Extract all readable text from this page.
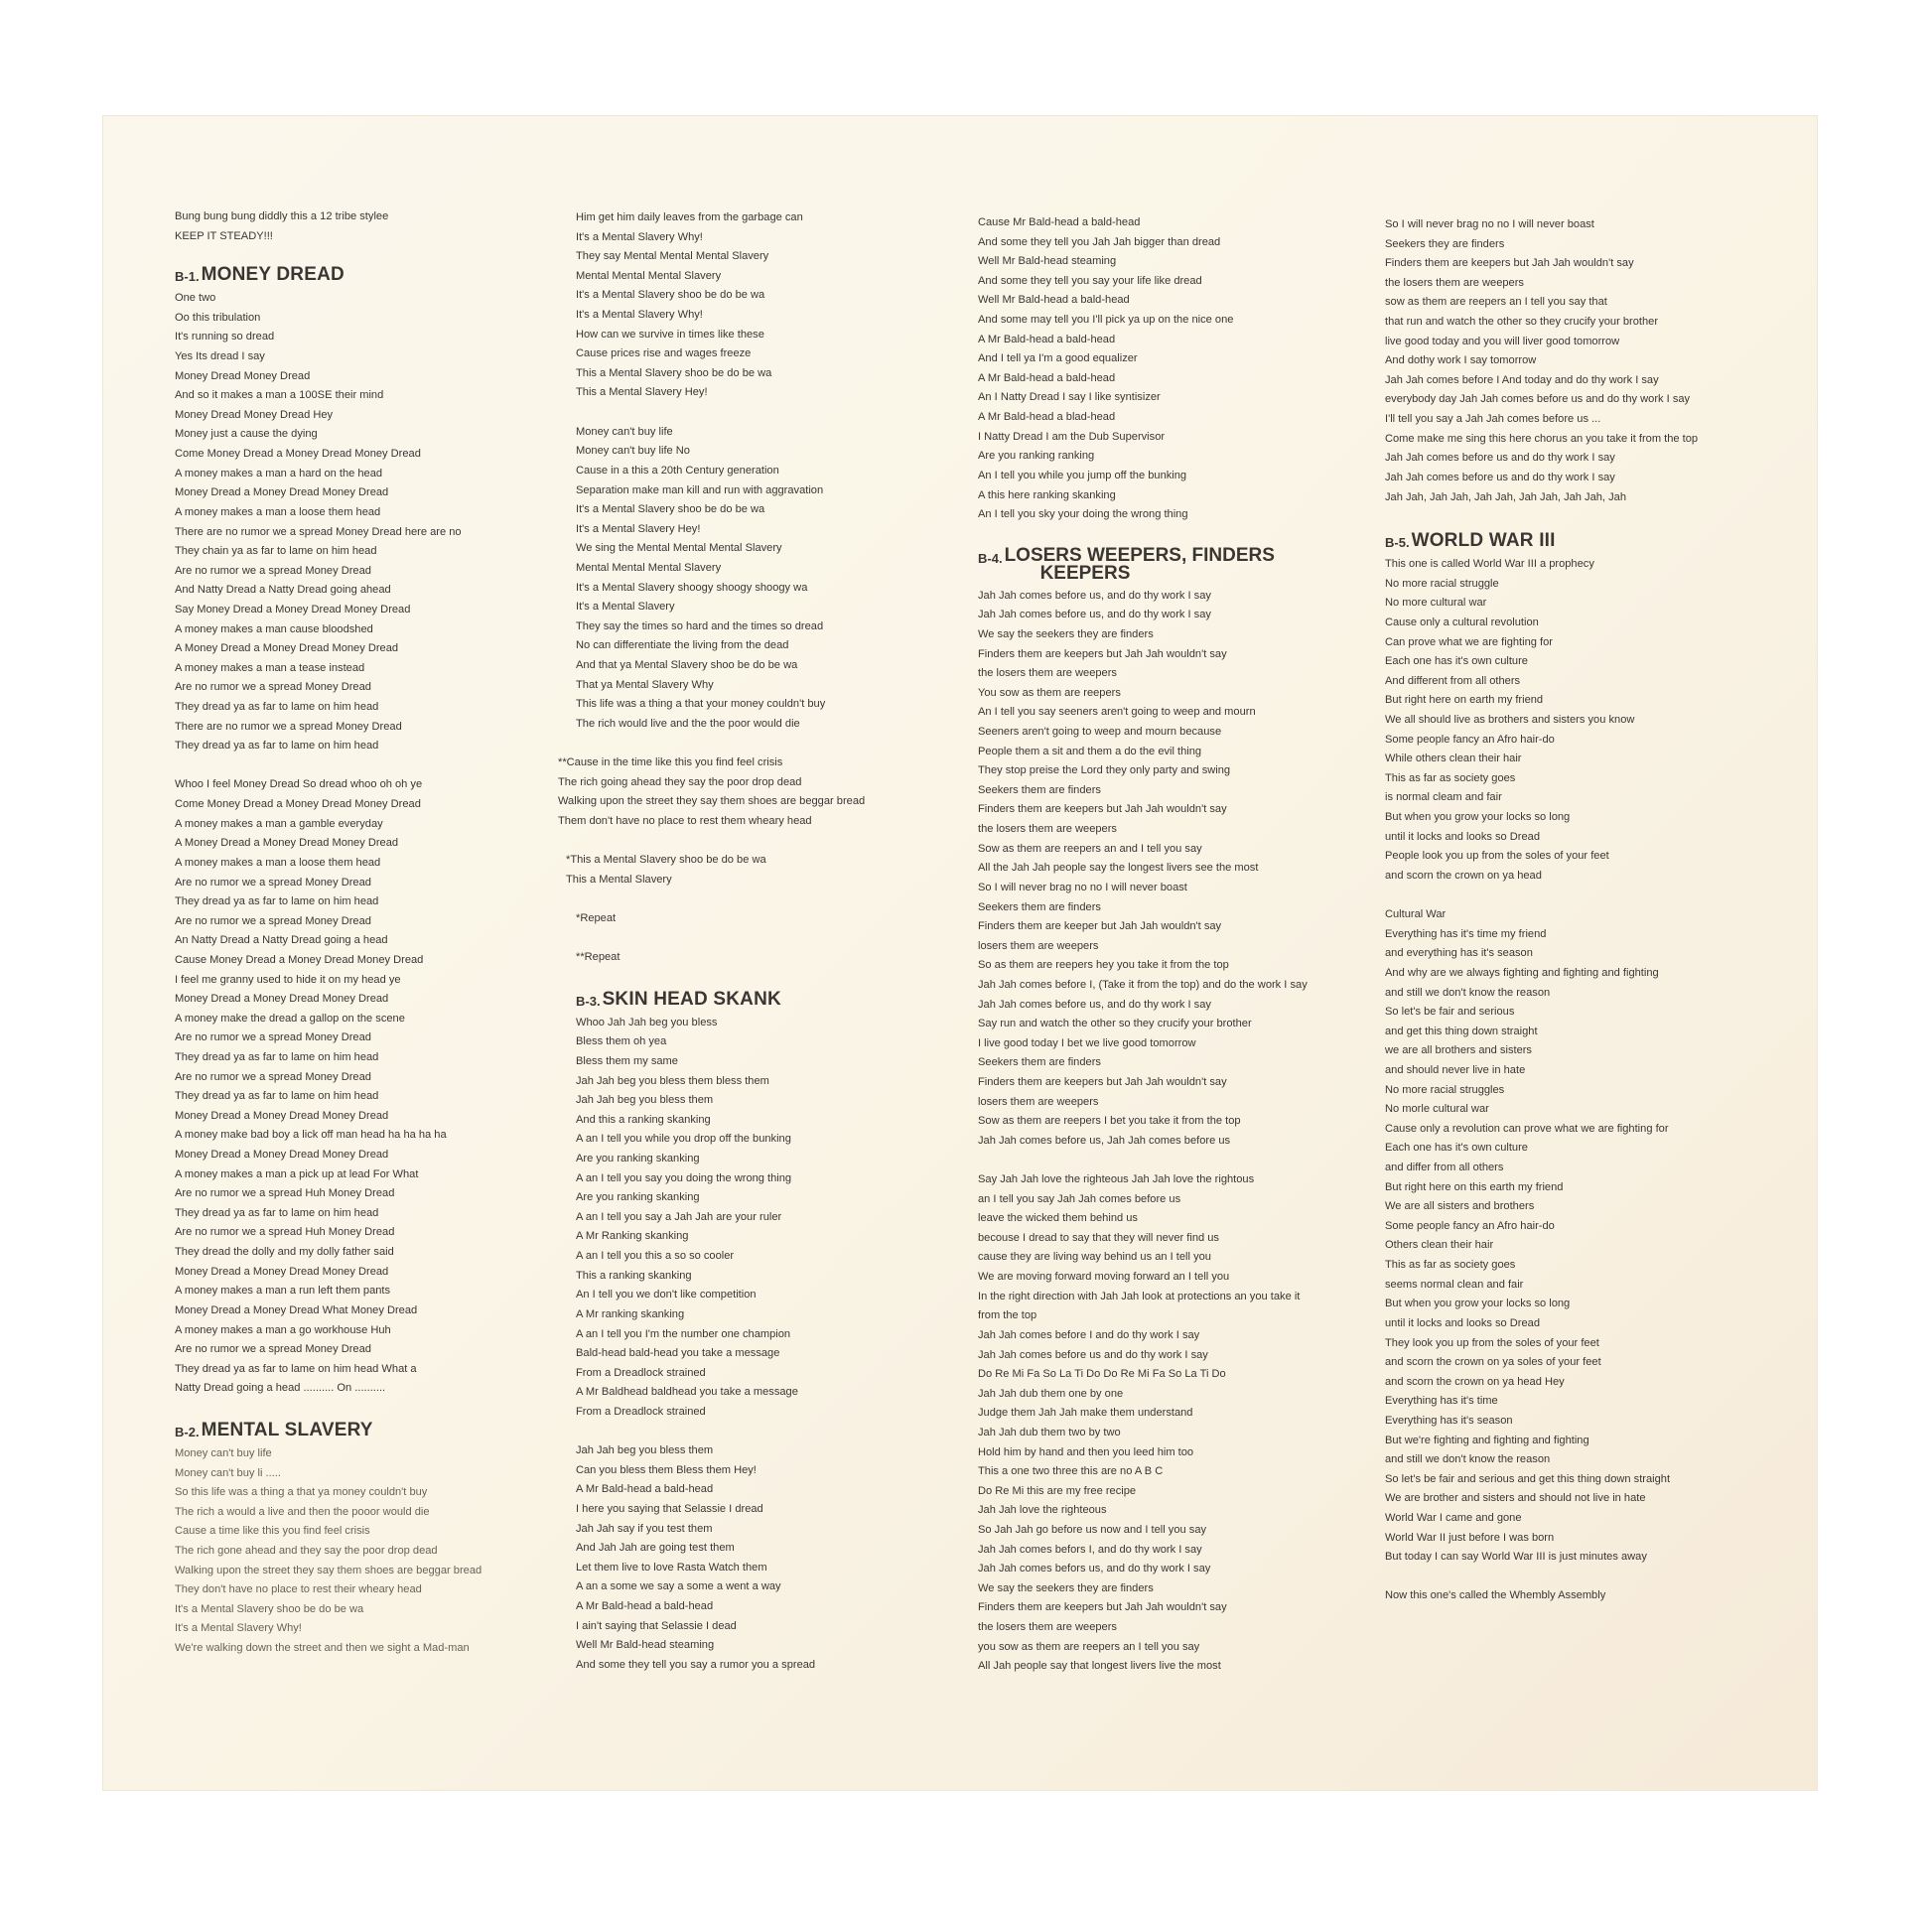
Bung bung bung diddly this a 12 tribe stylee
KEEP IT STEADY!!!
B-1. MONEY DREAD
One two
Oo this tribulation
It's running so dread
Yes Its dread I say
Money Dread Money Dread
And so it makes a man a 100SE their mind
Money Dread Money Dread Hey
Money just a cause the dying
Come Money Dread a Money Dread Money Dread
A money makes a man a hard on the head
Money Dread a Money Dread Money Dread
A money makes a man a loose them head
There are no rumor we a spread Money Dread here are no
They chain ya as far to lame on him head
Are no rumor we a spread Money Dread
And Natty Dread a Natty Dread going ahead
Say Money Dread a Money Dread Money Dread
A money makes a man cause bloodshed
A Money Dread a Money Dread Money Dread
A money makes a man a tease instead
Are no rumor we a spread Money Dread
They dread ya as far to lame on him head
There are no rumor we a spread Money Dread
They dread ya as far to lame on him head
Whoo I feel Money Dread So dread whoo oh oh ye
Come Money Dread a Money Dread Money Dread
A money makes a man a gamble everyday
A Money Dread a Money Dread Money Dread
A money makes a man a loose them head
Are no rumor we a spread Money Dread
They dread ya as far to lame on him head
Are no rumor we a spread Money Dread
An Natty Dread a Natty Dread going a head
Cause Money Dread a Money Dread Money Dread
I feel me granny used to hide it on my head ye
Money Dread a Money Dread Money Dread
A money make the dread a gallop on the scene
Are no rumor we a spread Money Dread
They dread ya as far to lame on him head
Are no rumor we a spread Money Dread
They dread ya as far to lame on him head
Money Dread a Money Dread Money Dread
A money make bad boy a lick off man head ha ha ha ha
Money Dread a Money Dread Money Dread
A money makes a man a pick up at lead For What
Are no rumor we a spread Huh Money Dread
They dread ya as far to lame on him head
Are no rumor we a spread Huh Money Dread
They dread the dolly and my dolly father said
Money Dread a Money Dread Money Dread
A money makes a man a run left them pants
Money Dread a Money Dread What Money Dread
A money makes a man a go workhouse Huh
Are no rumor we a spread Money Dread
They dread ya as far to lame on him head What a
Natty Dread going a head .......... On ..........
B-2. MENTAL SLAVERY
Money can't buy life
Money can't buy li .....
So this life was a thing a that ya money couldn't buy
The rich a would a live and then the pooor would die
Cause a time like this you find feel crisis
The rich gone ahead and they say the poor drop dead
Walking upon the street they say them shoes are beggar bread
They don't have no place to rest their wheary head
It's a Mental Slavery shoo be do be wa
It's a Mental Slavery Why!
We're walking down the street and then we sight a Mad-man
Him get him daily leaves from the garbage can
It's a Mental Slavery Why!
They say Mental Mental Mental Slavery
Mental Mental Mental Slavery
It's a Mental Slavery shoo be do be wa
It's a Mental Slavery Why!
How can we survive in times like these
Cause prices rise and wages freeze
This a Mental Slavery shoo be do be wa
This a Mental Slavery Hey!
Money can't buy life
Money can't buy life No
Cause in a this a 20th Century generation
Separation make man kill and run with aggravation
It's a Mental Slavery shoo be do be wa
It's a Mental Slavery Hey!
We sing the Mental Mental Mental Slavery
Mental Mental Mental Slavery
It's a Mental Slavery shoogy shoogy shoogy wa
It's a Mental Slavery
They say the times so hard and the times so dread
No can differentiate the living from the dead
And that ya Mental Slavery shoo be do be wa
That ya Mental Slavery Why
This life was a thing a that your money couldn't buy
The rich would live and the the poor would die
**Cause in the time like this you find feel crisis
The rich going ahead they say the poor drop dead
Walking upon the street they say them shoes are beggar bread
Them don't have no place to rest them wheary head
*This a Mental Slavery shoo be do be wa
This a Mental Slavery
*Repeat
**Repeat
B-3. SKIN HEAD SKANK
Whoo Jah Jah beg you bless
Bless them oh yea
Bless them my same
Jah Jah beg you bless them bless them
Jah Jah beg you bless them
And this a ranking skanking
A an I tell you while you drop off the bunking
Are you ranking skanking
A an I tell you say you doing the wrong thing
Are you ranking skanking
A an I tell you say a Jah Jah are your ruler
A Mr Ranking skanking
A an I tell you this a so so cooler
This a ranking skanking
An I tell you we don't like competition
A Mr ranking skanking
A an I tell you I'm the number one champion
Bald-head bald-head you take a message
From a Dreadlock strained
A Mr Baldhead baldhead you take a message
From a Dreadlock strained
Jah Jah beg you bless them
Can you bless them Bless them Hey!
A Mr Bald-head a bald-head
I here you saying that Selassie I dread
Jah Jah say if you test them
And Jah Jah are going test them
Let them live to love Rasta Watch them
A an a some we say a some a went a way
A Mr Bald-head a bald-head
I ain't saying that Selassie I dead
Well Mr Bald-head steaming
And some they tell you say a rumor you a spread
Cause Mr Bald-head a bald-head
And some they tell you Jah Jah bigger than dread
Well Mr Bald-head steaming
And some they tell you say your life like dread
Well Mr Bald-head a bald-head
And some may tell you I'll pick ya up on the nice one
A Mr Bald-head a bald-head
And I tell ya I'm a good equalizer
A Mr Bald-head a bald-head
An I Natty Dread I say I like syntisizer
A Mr Bald-head a blad-head
I Natty Dread I am the Dub Supervisor
Are you ranking ranking
An I tell you while you jump off the bunking
A this here ranking skanking
An I tell you sky your doing the wrong thing
B-4. LOSERS WEEPERS, FINDERS
KEEPERS
Jah Jah comes before us, and do thy work I say
Jah Jah comes before us, and do thy work I say
We say the seekers they are finders
Finders them are keepers but Jah Jah wouldn't say
the losers them are weepers
You sow as them are reepers
An I tell you say seeners aren't going to weep and mourn
Seeners aren't going to weep and mourn because
People them a sit and them a do the evil thing
They stop preise the Lord they only party and swing
Seekers them are finders
Finders them are keepers but Jah Jah wouldn't say
the losers them are weepers
Sow as them are reepers an and I tell you say
All the Jah Jah people say the longest livers see the most
So I will never brag no no I will never boast
Seekers them are finders
Finders them are keeper but Jah Jah wouldn't say
losers them are weepers
So as them are reepers hey you take it from the top
Jah Jah comes before I, (Take it from the top) and do the work I say
Jah Jah comes before us, and do thy work I say
Say run and watch the other so they crucify your brother
I live good today I bet we live good tomorrow
Seekers them are finders
Finders them are keepers but Jah Jah wouldn't say
losers them are weepers
Sow as them are reepers I bet you take it from the top
Jah Jah comes before us, Jah Jah comes before us
Say Jah Jah love the righteous Jah Jah love the rightous
an I tell you say Jah Jah comes before us
leave the wicked them behind us
becouse I dread to say that they will never find us
cause they are living way behind us an I tell you
We are moving forward moving forward an I tell you
In the right direction with Jah Jah look at protections an you take it
from the top
Jah Jah comes before I and do thy work I say
Jah Jah comes before us and do thy work I say
Do Re Mi Fa So La Ti Do Do Re Mi Fa So La Ti Do
Jah Jah dub them one by one
Judge them Jah Jah make them understand
Jah Jah dub them two by two
Hold him by hand and then you leed him too
This a one two three this are no A B C
Do Re Mi this are my free recipe
Jah Jah love the righteous
So Jah Jah go before us now and I tell you say
Jah Jah comes befors I, and do thy work I say
Jah Jah comes befors us, and do thy work I say
We say the seekers they are finders
Finders them are keepers but Jah Jah wouldn't say
the losers them are weepers
you sow as them are reepers an I tell you say
All Jah people say that longest livers live the most
So I will never brag no no I will never boast
Seekers they are finders
Finders them are keepers but Jah Jah wouldn't say
the losers them are weepers
sow as them are reepers an I tell you say that
that run and watch the other so they crucify your brother
live good today and you will liver good tomorrow
And dothy work I say tomorrow
Jah Jah comes before I And today and do thy work I say
everybody day Jah Jah comes before us and do thy work I say
I'll tell you say a Jah Jah comes before us ...
Come make me sing this here chorus an you take it from the top
Jah Jah comes before us and do thy work I say
Jah Jah comes before us and do thy work I say
Jah Jah, Jah Jah, Jah Jah, Jah Jah, Jah Jah, Jah
B-5. WORLD WAR III
This one is called World War III a prophecy
No more racial struggle
No more cultural war
Cause only a cultural revolution
Can prove what we are fighting for
Each one has it's own culture
And different from all others
But right here on earth my friend
We all should live as brothers and sisters you know
Some people fancy an Afro hair-do
While others clean their hair
This as far as society goes
is normal cleam and fair
But when you grow your locks so long
until it locks and looks so Dread
People look you up from the soles of your feet
and scorn the crown on ya head
Cultural War
Everything has it's time my friend
and everything has it's season
And why are we always fighting and fighting and fighting
and still we don't know the reason
So let's be fair and serious
and get this thing down straight
we are all brothers and sisters
and should never live in hate
No more racial struggles
No morle cultural war
Cause only a revolution can prove what we are fighting for
Each one has it's own culture
and differ from all others
But right here on this earth my friend
We are all sisters and brothers
Some people fancy an Afro hair-do
Others clean their hair
This as far as society goes
seems normal clean and fair
But when you grow your locks so long
until it locks and looks so Dread
They look you up from the soles of your feet
and scorn the crown on ya soles of your feet
and scorn the crown on ya head Hey
Everything has it's time
Everything has it's season
But we're fighting and fighting and fighting
and still we don't know the reason
So let's be fair and serious and get this thing down straight
We are brother and sisters and should not live in hate
World War I came and gone
World War II just before I was born
But today I can say World War III is just minutes away
Now this one's called the Whembly Assembly
